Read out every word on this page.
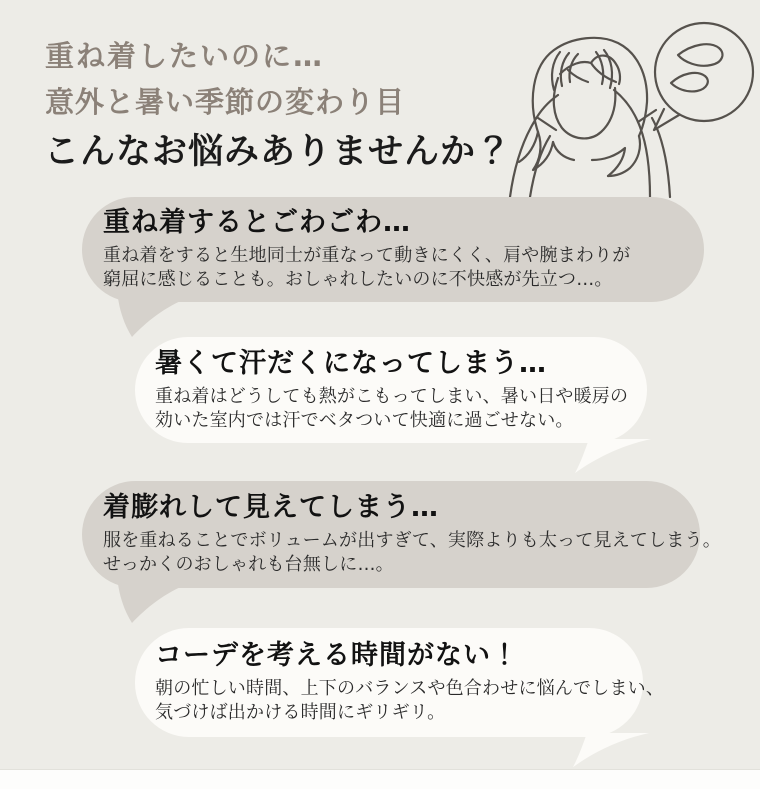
重ね着したいのに…
意外と暑い季節の変わり目
こんなお悩みありませんか？
重ね着するとごわごわ…
重ね着をすると生地同士が重なって動きにくく、肩や腕まわりが
窮屈に感じることも。おしゃれしたいのに不快感が先立つ…。
暑くて汗だくになってしまう…
重ね着はどうしても熱がこもってしまい、暑い日や暖房の
効いた室内では汗でベタついて快適に過ごせない。
着膨れして見えてしまう…
服を重ねることでボリュームが出すぎて、実際よりも太って見えてしまう。
せっかくのおしゃれも台無しに…。
コーデを考える時間がない！
朝の忙しい時間、上下のバランスや色合わせに悩んでしまい、
気づけば出かける時間にギリギリ。
